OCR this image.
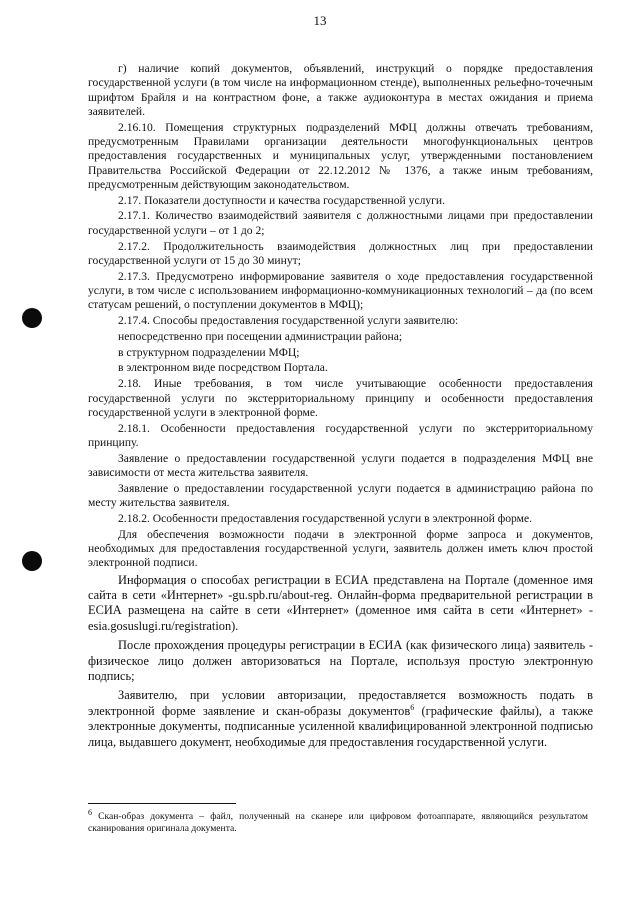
13

г) наличие копий документов, объявлений, инструкций о порядке предоставления государственной услуги (в том числе на информационном стенде), выполненных рельефно-точечным шрифтом Брайля и на контрастном фоне, а также аудиоконтура в местах ожидания и приема заявителей.

2.16.10. Помещения структурных подразделений МФЦ должны отвечать требованиям, предусмотренным Правилами организации деятельности многофункциональных центров предоставления государственных и муниципальных услуг, утвержденными постановлением Правительства Российской Федерации от 22.12.2012 № 1376, а также иным требованиям, предусмотренным действующим законодательством.

2.17. Показатели доступности и качества государственной услуги.

2.17.1. Количество взаимодействий заявителя с должностными лицами при предоставлении государственной услуги – от 1 до 2;

2.17.2. Продолжительность взаимодействия должностных лиц при предоставлении государственной услуги от 15 до 30 минут;

2.17.3. Предусмотрено информирование заявителя о ходе предоставления государственной услуги, в том числе с использованием информационно-коммуникационных технологий – да (по всем статусам решений, о поступлении документов в МФЦ);

2.17.4. Способы предоставления государственной услуги заявителю:

непосредственно при посещении администрации района;

в структурном подразделении МФЦ;

в электронном виде посредством Портала.

2.18. Иные требования, в том числе учитывающие особенности предоставления государственной услуги по экстерриториальному принципу и особенности предоставления государственной услуги в электронной форме.

2.18.1. Особенности предоставления государственной услуги по экстерриториальному принципу.

Заявление о предоставлении государственной услуги подается в подразделения МФЦ вне зависимости от места жительства заявителя.

Заявление о предоставлении государственной услуги подается в администрацию района по месту жительства заявителя.

2.18.2. Особенности предоставления государственной услуги в электронной форме.

Для обеспечения возможности подачи в электронной форме запроса и документов, необходимых для предоставления государственной услуги, заявитель должен иметь ключ простой электронной подписи.

Информация о способах регистрации в ЕСИА представлена на Портале (доменное имя сайта в сети «Интернет» -gu.spb.ru/about-reg. Онлайн-форма предварительной регистрации в ЕСИА размещена на сайте в сети «Интернет» (доменное имя сайта в сети «Интернет» - esia.gosuslugi.ru/registration).

После прохождения процедуры регистрации в ЕСИА (как физического лица) заявитель - физическое лицо должен авторизоваться на Портале, используя простую электронную подпись;

Заявителю, при условии авторизации, предоставляется возможность подать в электронной форме заявление и скан-образы документов$^6$ (графические файлы), а также электронные документы, подписанные усиленной квалифицированной электронной подписью лица, выдавшего документ, необходимые для предоставления государственной услуги.

$^6$ Скан-образ документа – файл, полученный на сканере или цифровом фотоаппарате, являющийся результатом сканирования оригинала документа.
